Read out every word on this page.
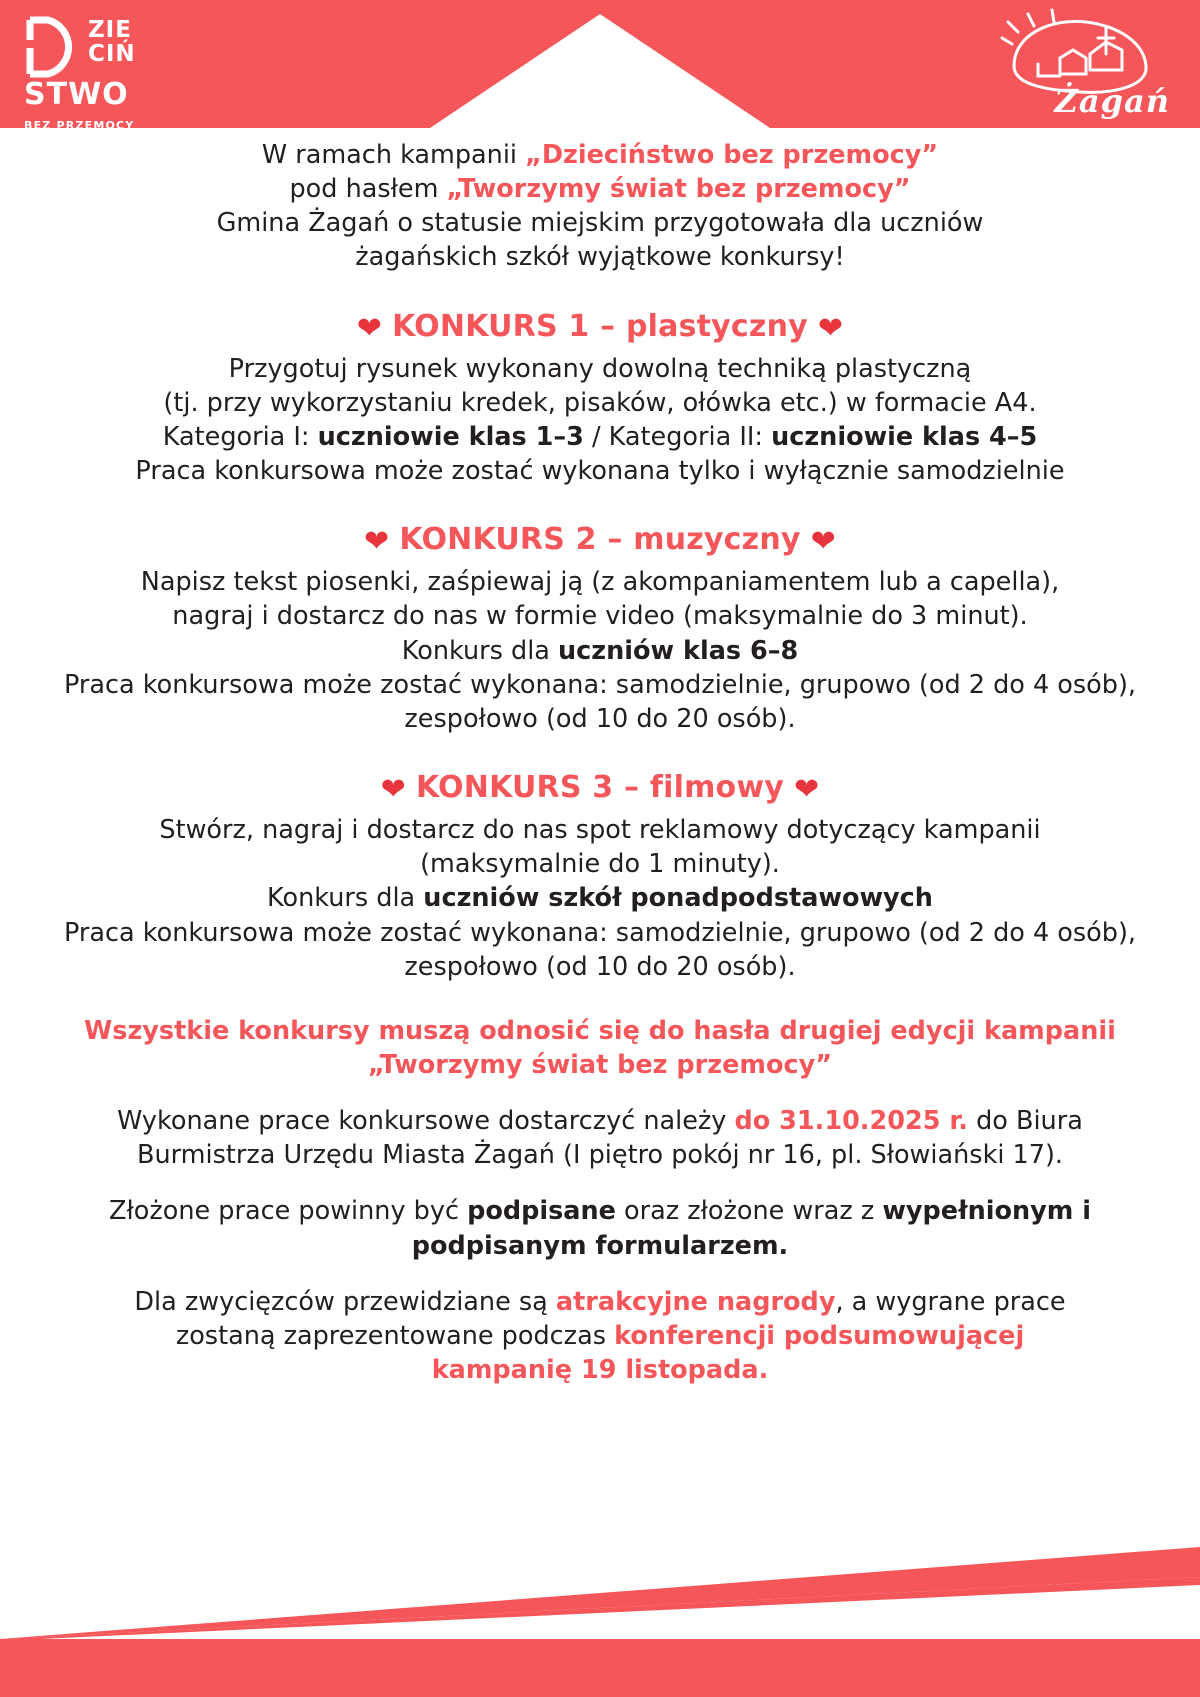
ZIE
CIŃ
STWO
BEZ PRZEMOCY
Żagań
W ramach kampanii „Dzieciństwo bez przemocy”
pod hasłem „Tworzymy świat bez przemocy”
Gmina Żagań o statusie miejskim przygotowała dla uczniów
żagańskich szkół wyjątkowe konkursy!
❤ KONKURS 1 – plastyczny ❤
Przygotuj rysunek wykonany dowolną techniką plastyczną
(tj. przy wykorzystaniu kredek, pisaków, ołówka etc.) w formacie A4.
Kategoria I: uczniowie klas 1–3 / Kategoria II: uczniowie klas 4–5
Praca konkursowa może zostać wykonana tylko i wyłącznie samodzielnie
❤ KONKURS 2 – muzyczny ❤
Napisz tekst piosenki, zaśpiewaj ją (z akompaniamentem lub a capella),
nagraj i dostarcz do nas w formie video (maksymalnie do 3 minut).
Konkurs dla uczniów klas 6–8
Praca konkursowa może zostać wykonana: samodzielnie, grupowo (od 2 do 4 osób),
zespołowo (od 10 do 20 osób).
❤ KONKURS 3 – filmowy ❤
Stwórz, nagraj i dostarcz do nas spot reklamowy dotyczący kampanii
(maksymalnie do 1 minuty).
Konkurs dla uczniów szkół ponadpodstawowych
Praca konkursowa może zostać wykonana: samodzielnie, grupowo (od 2 do 4 osób),
zespołowo (od 10 do 20 osób).
Wszystkie konkursy muszą odnosić się do hasła drugiej edycji kampanii
„Tworzymy świat bez przemocy”
Wykonane prace konkursowe dostarczyć należy do 31.10.2025 r. do Biura
Burmistrza Urzędu Miasta Żagań (I piętro pokój nr 16, pl. Słowiański 17).
Złożone prace powinny być podpisane oraz złożone wraz z wypełnionym i
podpisanym formularzem.
Dla zwycięzców przewidziane są atrakcyjne nagrody, a wygrane prace
zostaną zaprezentowane podczas konferencji podsumowującej
kampanię 19 listopada.
